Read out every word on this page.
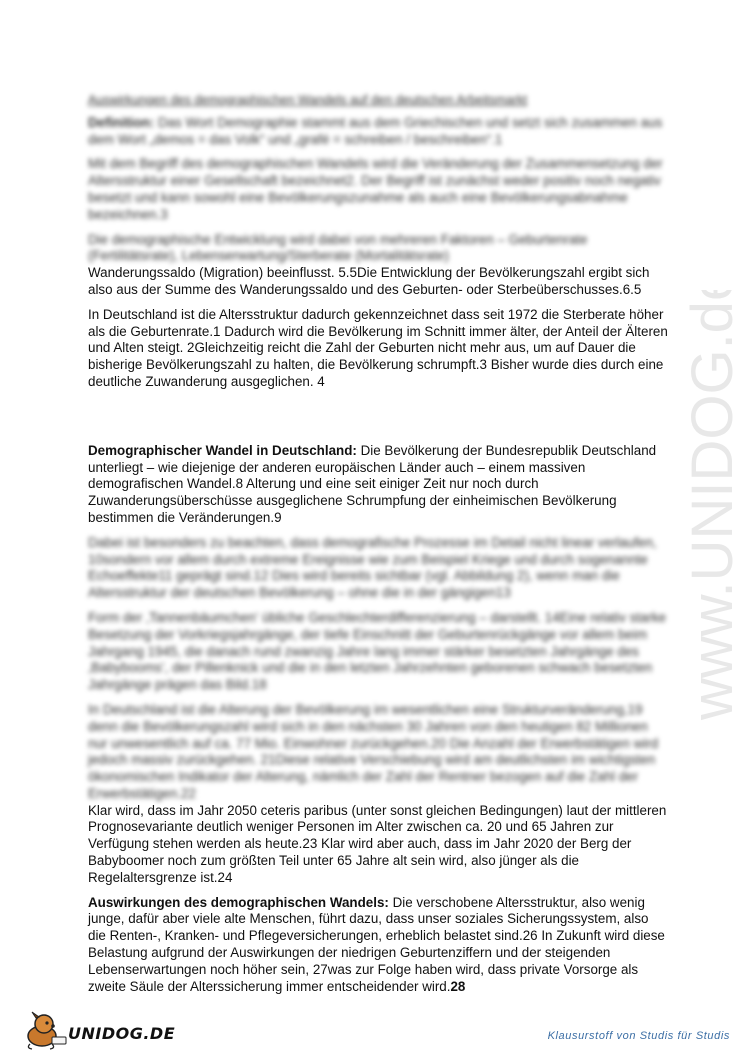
www.UNIDOG.de
Auswirkungen des demographischen Wandels auf den deutschen Arbeitsmarkt

Definition: Das Wort Demographie stammt aus dem Griechischen und setzt sich zusammen aus dem Wort „demos = das Volk“ und „grafé = schreiben / beschreiben“.1

Mit dem Begriff des demographischen Wandels wird die Veränderung der Zusammensetzung der Altersstruktur einer Gesellschaft bezeichnet2. Der Begriff ist zunächst weder positiv noch negativ besetzt und kann sowohl eine Bevölkerungszunahme als auch eine Bevölkerungsabnahme bezeichnen.3

Die demographische Entwicklung wird dabei von mehreren Faktoren – Geburtenrate (Fertilitätsrate), Lebenserwartung/Sterberate (Mortalitätsrate)

Wanderungssaldo (Migration) beeinflusst. 5.5Die Entwicklung der Bevölkerungszahl ergibt sich also aus der Summe des Wanderungssaldo und des Geburten- oder Sterbeüberschusses.6.5

In Deutschland ist die Altersstruktur dadurch gekennzeichnet dass seit 1972 die Sterberate höher als die Geburtenrate.1 Dadurch wird die Bevölkerung im Schnitt immer älter, der Anteil der Älteren und Alten steigt. 2Gleichzeitig reicht die Zahl der Geburten nicht mehr aus, um auf Dauer die bisherige Bevölkerungszahl zu halten, die Bevölkerung schrumpft.3 Bisher wurde dies durch eine deutliche Zuwanderung ausgeglichen. 4

Demographischer Wandel in Deutschland: Die Bevölkerung der Bundesrepublik Deutschland unterliegt – wie diejenige der anderen europäischen Länder auch – einem massiven demografischen Wandel.8 Alterung und eine seit einiger Zeit nur noch durch Zuwanderungsüberschüsse ausgeglichene Schrumpfung der einheimischen Bevölkerung bestimmen die Veränderungen.9

Dabei ist besonders zu beachten, dass demografische Prozesse im Detail nicht linear verlaufen, 10sondern vor allem durch extreme Ereignisse wie zum Beispiel Kriege und durch sogenannte Echoeffekte11 geprägt sind.12 Dies wird bereits sichtbar (vgl. Abbildung 2), wenn man die Altersstruktur der deutschen Bevölkerung – ohne die in der gängigen13

Form der ‚Tannenbäumchen‘ übliche Geschlechterdifferenzierung – darstellt. 14Eine relativ starke Besetzung der Vorkriegsjahrgänge, der tiefe Einschnitt der Geburtenrückgänge vor allem beim Jahrgang 1945, die danach rund zwanzig Jahre lang immer stärker besetzten Jahrgänge des ‚Babybooms‘, der Pillenknick und die in den letzten Jahrzehnten geborenen schwach besetzten Jahrgänge prägen das Bild.18

In Deutschland ist die Alterung der Bevölkerung im wesentlichen eine Strukturveränderung,19 denn die Bevölkerungszahl wird sich in den nächsten 30 Jahren von den heutigen 82 Millionen nur unwesentlich auf ca. 77 Mio. Einwohner zurückgehen.20 Die Anzahl der Erwerbstätigen wird jedoch massiv zurückgehen. 21Diese relative Verschiebung wird am deutlichsten im wichtigsten ökonomischen Indikator der Alterung, nämlich der Zahl der Rentner bezogen auf die Zahl der Erwerbstätigen.22

Klar wird, dass im Jahr 2050 ceteris paribus (unter sonst gleichen Bedingungen) laut der mittleren Prognosevariante deutlich weniger Personen im Alter zwischen ca. 20 und 65 Jahren zur Verfügung stehen werden als heute.23 Klar wird aber auch, dass im Jahr 2020 der Berg der Babyboomer noch zum größten Teil unter 65 Jahre alt sein wird, also jünger als die Regelaltersgrenze ist.24

Auswirkungen des demographischen Wandels: Die verschobene Altersstruktur, also wenig junge, dafür aber viele alte Menschen, führt dazu, dass unser soziales Sicherungssystem, also die Renten-, Kranken- und Pflegeversicherungen, erheblich belastet sind.26 In Zukunft wird diese Belastung aufgrund der Auswirkungen der niedrigen Geburtenziffern und der steigenden Lebenserwartungen noch höher sein, 27was zur Folge haben wird, dass private Vorsorge als zweite Säule der Alterssicherung immer entscheidender wird.28

UNIDOG.DE	Klausurstoff von Studis für Studis
